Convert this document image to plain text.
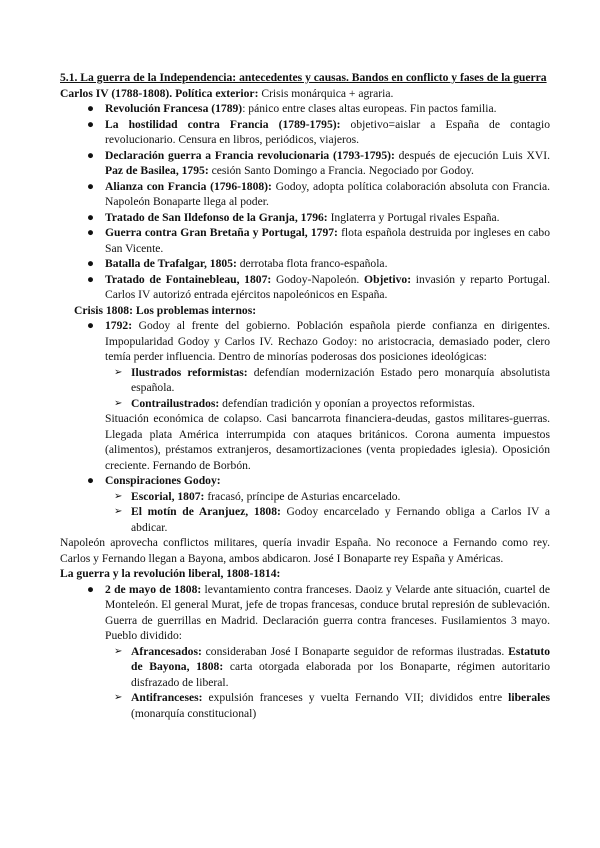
5.1. La guerra de la Independencia: antecedentes y causas. Bandos en conflicto y fases de la guerra

Carlos IV (1788-1808). Política exterior: Crisis monárquica + agraria.

● Revolución Francesa (1789): pánico entre clases altas europeas. Fin pactos familia.
● La hostilidad contra Francia (1789-1795): objetivo=aislar a España de contagio revolucionario. Censura en libros, periódicos, viajeros.
● Declaración guerra a Francia revolucionaria (1793-1795): después de ejecución Luis XVI. Paz de Basilea, 1795: cesión Santo Domingo a Francia. Negociado por Godoy.
● Alianza con Francia (1796-1808): Godoy, adopta política colaboración absoluta con Francia. Napoleón Bonaparte llega al poder.
● Tratado de San Ildefonso de la Granja, 1796: Inglaterra y Portugal rivales España.
● Guerra contra Gran Bretaña y Portugal, 1797: flota española destruida por ingleses en cabo San Vicente.
● Batalla de Trafalgar, 1805: derrotaba flota franco-española.
● Tratado de Fontainebleau, 1807: Godoy-Napoleón. Objetivo: invasión y reparto Portugal. Carlos IV autorizó entrada ejércitos napoleónicos en España.

Crisis 1808: Los problemas internos:

● 1792: Godoy al frente del gobierno. Población española pierde confianza en dirigentes. Impopularidad Godoy y Carlos IV. Rechazo Godoy: no aristocracia, demasiado poder, clero temía perder influencia. Dentro de minorías poderosas dos posiciones ideológicas:
➢ Ilustrados reformistas: defendían modernización Estado pero monarquía absolutista española.
➢ Contrailustrados: defendían tradición y oponían a proyectos reformistas.

Situación económica de colapso. Casi bancarrota financiera-deudas, gastos militares-guerras. Llegada plata América interrumpida con ataques británicos. Corona aumenta impuestos (alimentos), préstamos extranjeros, desamortizaciones (venta propiedades iglesia). Oposición creciente. Fernando de Borbón.

● Conspiraciones Godoy:
➢ Escorial, 1807: fracasó, príncipe de Asturias encarcelado.
➢ El motín de Aranjuez, 1808: Godoy encarcelado y Fernando obliga a Carlos IV a abdicar.

Napoleón aprovecha conflictos militares, quería invadir España. No reconoce a Fernando como rey. Carlos y Fernando llegan a Bayona, ambos abdicaron. José I Bonaparte rey España y Américas.

La guerra y la revolución liberal, 1808-1814:

● 2 de mayo de 1808: levantamiento contra franceses. Daoiz y Velarde ante situación, cuartel de Monteleón. El general Murat, jefe de tropas francesas, conduce brutal represión de sublevación. Guerra de guerrillas en Madrid. Declaración guerra contra franceses. Fusilamientos 3 mayo. Pueblo dividido:
➢ Afrancesados: consideraban José I Bonaparte seguidor de reformas ilustradas. Estatuto de Bayona, 1808: carta otorgada elaborada por los Bonaparte, régimen autoritario disfrazado de liberal.
➢ Antifranceses: expulsión franceses y vuelta Fernando VII; divididos entre liberales (monarquía constitucional)
